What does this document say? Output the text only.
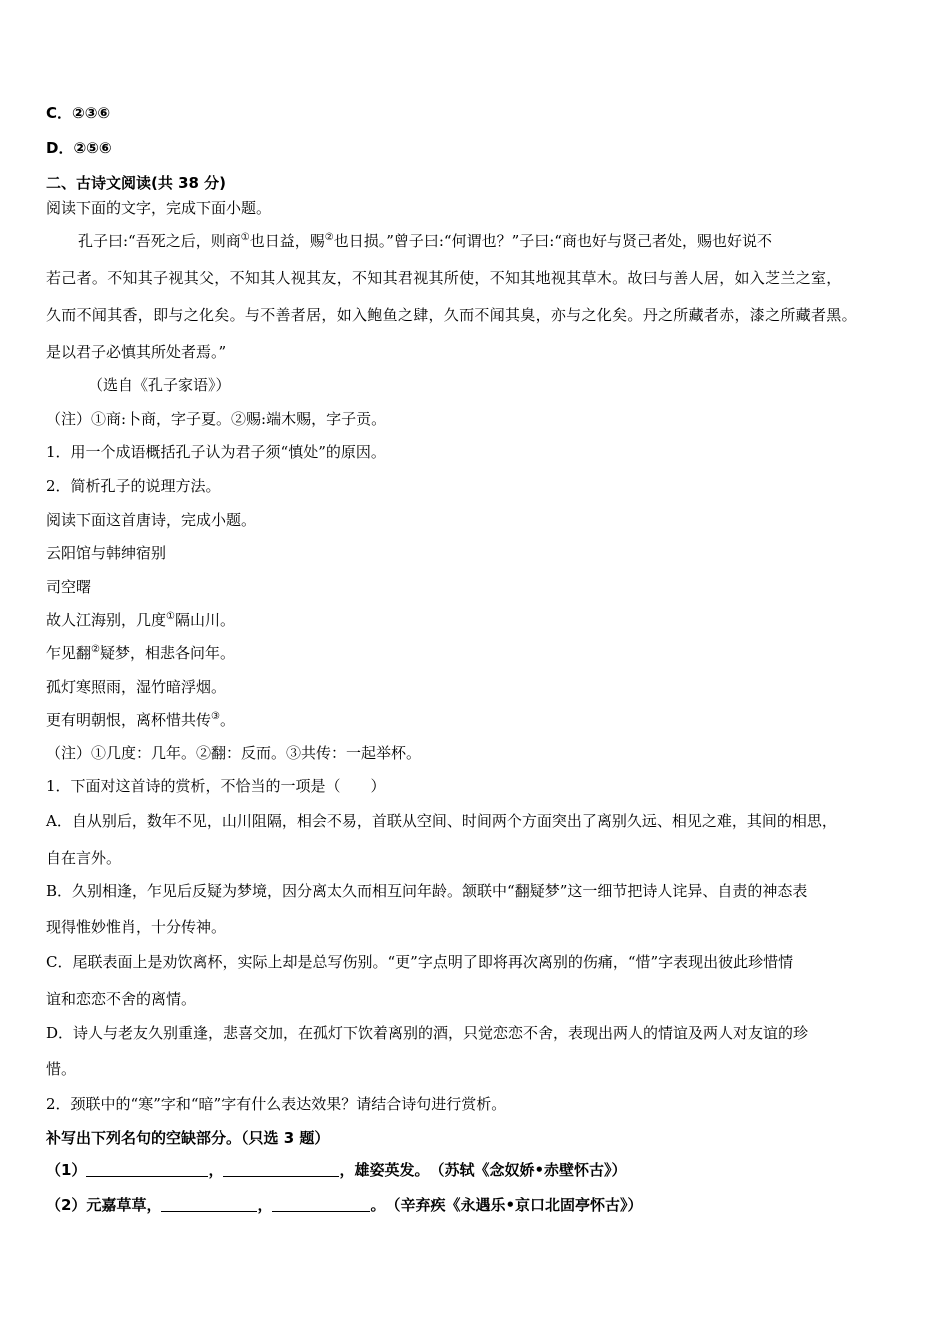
C．②③⑥
D．②⑤⑥
二、古诗文阅读(共 38 分)
阅读下面的文字，完成下面小题。
孔子曰:“吾死之后，则商①也日益，赐②也日损。”曾子曰:“何谓也？”子曰:“商也好与贤己者处，赐也好说不
若己者。不知其子视其父，不知其人视其友，不知其君视其所使，不知其地视其草木。故曰与善人居，如入芝兰之室，
久而不闻其香，即与之化矣。与不善者居，如入鲍鱼之肆，久而不闻其臭，亦与之化矣。丹之所藏者赤，漆之所藏者黑。
是以君子必慎其所处者焉。”
（选自《孔子家语》）
（注）①商:卜商，字子夏。②赐:端木赐，字子贡。
1．用一个成语概括孔子认为君子须“慎处”的原因。
2．简析孔子的说理方法。
阅读下面这首唐诗，完成小题。
云阳馆与韩绅宿别
司空曙
故人江海别，几度①隔山川。
乍见翻②疑梦，相悲各问年。
孤灯寒照雨，湿竹暗浮烟。
更有明朝恨，离杯惜共传③。
（注）①几度：几年。②翻：反而。③共传：一起举杯。
1．下面对这首诗的赏析，不恰当的一项是（　　）
A．自从别后，数年不见，山川阻隔，相会不易，首联从空间、时间两个方面突出了离别久远、相见之难，其间的相思，
自在言外。
B．久别相逢，乍见后反疑为梦境，因分离太久而相互问年龄。颔联中“翻疑梦”这一细节把诗人诧异、自责的神态表
现得惟妙惟肖，十分传神。
C．尾联表面上是劝饮离杯，实际上却是总写伤别。“更”字点明了即将再次离别的伤痛，“惜”字表现出彼此珍惜情
谊和恋恋不舍的离情。
D．诗人与老友久别重逢，悲喜交加，在孤灯下饮着离别的酒，只觉恋恋不舍，表现出两人的情谊及两人对友谊的珍
惜。
2．颈联中的“寒”字和“暗”字有什么表达效果？请结合诗句进行赏析。
补写出下列名句的空缺部分。（只选 3 题）
（1）	，	，雄姿英发。　（苏轼《念奴娇•赤壁怀古》）
（2）元嘉草草，	，	。　（辛弃疾《永遇乐•京口北固亭怀古》）
